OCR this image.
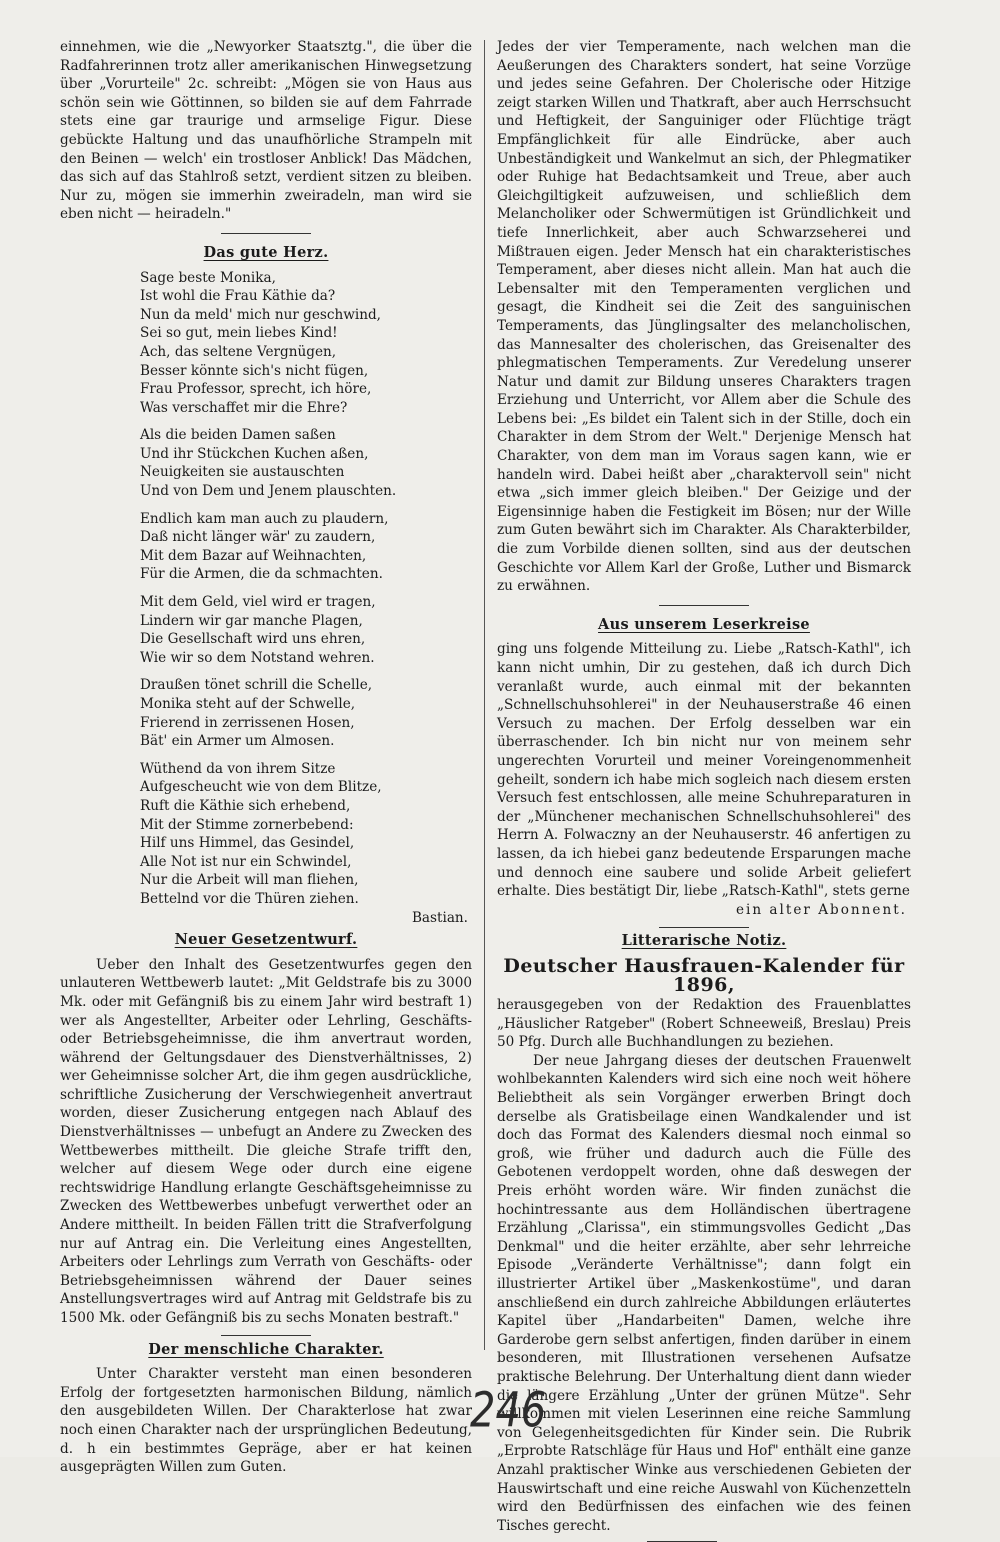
einnehmen, wie die „Newyorker Staatsztg.", die über die Radfahrerinnen trotz aller amerikanischen Hinwegsetzung über „Vorurteile" 2c. schreibt: „Mögen sie von Haus aus schön sein wie Göttinnen, so bilden sie auf dem Fahrrade stets eine gar traurige und armselige Figur. Diese gebückte Haltung und das unaufhörliche Strampeln mit den Beinen — welch' ein trostloser Anblick! Das Mädchen, das sich auf das Stahlroß setzt, verdient sitzen zu bleiben. Nur zu, mögen sie immerhin zweiradeln, man wird sie eben nicht — heiradeln."

Das gute Herz.
Sage beste Monika,
Ist wohl die Frau Käthie da?
Nun da meld' mich nur geschwind,
Sei so gut, mein liebes Kind!
Ach, das seltene Vergnügen,
Besser könnte sich's nicht fügen,
Frau Professor, sprecht, ich höre,
Was verschaffet mir die Ehre?
Als die beiden Damen saßen
Und ihr Stückchen Kuchen aßen,
Neuigkeiten sie austauschten
Und von Dem und Jenem plauschten.
Endlich kam man auch zu plaudern,
Daß nicht länger wär' zu zaudern,
Mit dem Bazar auf Weihnachten,
Für die Armen, die da schmachten.
Mit dem Geld, viel wird er tragen,
Lindern wir gar manche Plagen,
Die Gesellschaft wird uns ehren,
Wie wir so dem Notstand wehren.
Draußen tönet schrill die Schelle,
Monika steht auf der Schwelle,
Frierend in zerrissenen Hosen,
Bät' ein Armer um Almosen.
Wüthend da von ihrem Sitze
Aufgescheucht wie von dem Blitze,
Ruft die Käthie sich erhebend,
Mit der Stimme zornerbebend:
Hilf uns Himmel, das Gesindel,
Alle Not ist nur ein Schwindel,
Nur die Arbeit will man fliehen,
Bettelnd vor die Thüren ziehen.

Bastian.

Neuer Gesetzentwurf.

Ueber den Inhalt des Gesetzentwurfes gegen den unlauteren Wettbewerb lautet: „Mit Geldstrafe bis zu 3000 Mk. oder mit Gefängniß bis zu einem Jahr wird bestraft 1) wer als Angestellter, Arbeiter oder Lehrling, Geschäfts- oder Betriebsgeheimnisse, die ihm anvertraut worden, während der Geltungsdauer des Dienstverhältnisses, 2) wer Geheimnisse solcher Art, die ihm gegen ausdrückliche, schriftliche Zusicherung der Verschwiegenheit anvertraut worden, dieser Zusicherung entgegen nach Ablauf des Dienstverhältnisses — unbefugt an Andere zu Zwecken des Wettbewerbes mittheilt. Die gleiche Strafe trifft den, welcher auf diesem Wege oder durch eine eigene rechtswidrige Handlung erlangte Geschäftsgeheimnisse zu Zwecken des Wettbewerbes unbefugt verwerthet oder an Andere mittheilt. In beiden Fällen tritt die Strafverfolgung nur auf Antrag ein. Die Verleitung eines Angestellten, Arbeiters oder Lehrlings zum Verrath von Geschäfts- oder Betriebsgeheimnissen während der Dauer seines Anstellungsvertrages wird auf Antrag mit Geldstrafe bis zu 1500 Mk. oder Gefängniß bis zu sechs Monaten bestraft."

Der menschliche Charakter.

Unter Charakter versteht man einen besonderen Erfolg der fortgesetzten harmonischen Bildung, nämlich den ausgebildeten Willen. Der Charakterlose hat zwar noch einen Charakter nach der ursprünglichen Bedeutung, d. h ein bestimmtes Gepräge, aber er hat keinen ausgeprägten Willen zum Guten.

Jedes der vier Temperamente, nach welchen man die Aeußerungen des Charakters sondert, hat seine Vorzüge und jedes seine Gefahren. Der Cholerische oder Hitzige zeigt starken Willen und Thatkraft, aber auch Herrschsucht und Heftigkeit, der Sanguiniger oder Flüchtige trägt Empfänglichkeit für alle Eindrücke, aber auch Unbeständigkeit und Wankelmut an sich, der Phlegmatiker oder Ruhige hat Bedachtsamkeit und Treue, aber auch Gleichgiltigkeit aufzuweisen, und schließlich dem Melancholiker oder Schwermütigen ist Gründlichkeit und tiefe Innerlichkeit, aber auch Schwarzseherei und Mißtrauen eigen. Jeder Mensch hat ein charakteristisches Temperament, aber dieses nicht allein. Man hat auch die Lebensalter mit den Temperamenten verglichen und gesagt, die Kindheit sei die Zeit des sanguinischen Temperaments, das Jünglingsalter des melancholischen, das Mannesalter des cholerischen, das Greisenalter des phlegmatischen Temperaments. Zur Veredelung unserer Natur und damit zur Bildung unseres Charakters tragen Erziehung und Unterricht, vor Allem aber die Schule des Lebens bei: „Es bildet ein Talent sich in der Stille, doch ein Charakter in dem Strom der Welt." Derjenige Mensch hat Charakter, von dem man im Voraus sagen kann, wie er handeln wird. Dabei heißt aber „charaktervoll sein" nicht etwa „sich immer gleich bleiben." Der Geizige und der Eigensinnige haben die Festigkeit im Bösen; nur der Wille zum Guten bewährt sich im Charakter. Als Charakterbilder, die zum Vorbilde dienen sollten, sind aus der deutschen Geschichte vor Allem Karl der Große, Luther und Bismarck zu erwähnen.

Aus unserem Leserkreise

ging uns folgende Mitteilung zu. Liebe „Ratsch-Kathl", ich kann nicht umhin, Dir zu gestehen, daß ich durch Dich veranlaßt wurde, auch einmal mit der bekannten „Schnellschuhsohlerei" in der Neuhauserstraße 46 einen Versuch zu machen. Der Erfolg desselben war ein überraschender. Ich bin nicht nur von meinem sehr ungerechten Vorurteil und meiner Voreingenommenheit geheilt, sondern ich habe mich sogleich nach diesem ersten Versuch fest entschlossen, alle meine Schuhreparaturen in der „Münchener mechanischen Schnellschuhsohlerei" des Herrn A. Folwaczny an der Neuhauserstr. 46 anfertigen zu lassen, da ich hiebei ganz bedeutende Ersparungen mache und dennoch eine saubere und solide Arbeit geliefert erhalte. Dies bestätigt Dir, liebe „Ratsch-Kathl", stets gerne

ein alter Abonnent.

Litterarische Notiz.
Deutscher Hausfrauen-Kalender für 1896,

herausgegeben von der Redaktion des Frauenblattes „Häuslicher Ratgeber" (Robert Schneeweiß, Breslau) Preis 50 Pfg. Durch alle Buchhandlungen zu beziehen.

Der neue Jahrgang dieses der deutschen Frauenwelt wohlbekannten Kalenders wird sich eine noch weit höhere Beliebtheit als sein Vorgänger erwerben Bringt doch derselbe als Gratisbeilage einen Wandkalender und ist doch das Format des Kalenders diesmal noch einmal so groß, wie früher und dadurch auch die Fülle des Gebotenen verdoppelt worden, ohne daß deswegen der Preis erhöht worden wäre. Wir finden zunächst die hochintressante aus dem Holländischen übertragene Erzählung „Clarissa", ein stimmungsvolles Gedicht „Das Denkmal" und die heiter erzählte, aber sehr lehrreiche Episode „Veränderte Verhältnisse"; dann folgt ein illustrierter Artikel über „Maskenkostüme", und daran anschließend ein durch zahlreiche Abbildungen erläutertes Kapitel über „Handarbeiten" Damen, welche ihre Garderobe gern selbst anfertigen, finden darüber in einem besonderen, mit Illustrationen versehenen Aufsatze praktische Belehrung. Der Unterhaltung dient dann wieder die längere Erzählung „Unter der grünen Mütze". Sehr willkommen mit vielen Leserinnen eine reiche Sammlung von Gelegenheitsgedichten für Kinder sein. Die Rubrik „Erprobte Ratschläge für Haus und Hof" enthält eine ganze Anzahl praktischer Winke aus verschiedenen Gebieten der Hauswirtschaft und eine reiche Auswahl von Küchenzetteln wird den Bedürfnissen des einfachen wie des feinen Tisches gerecht.

246
